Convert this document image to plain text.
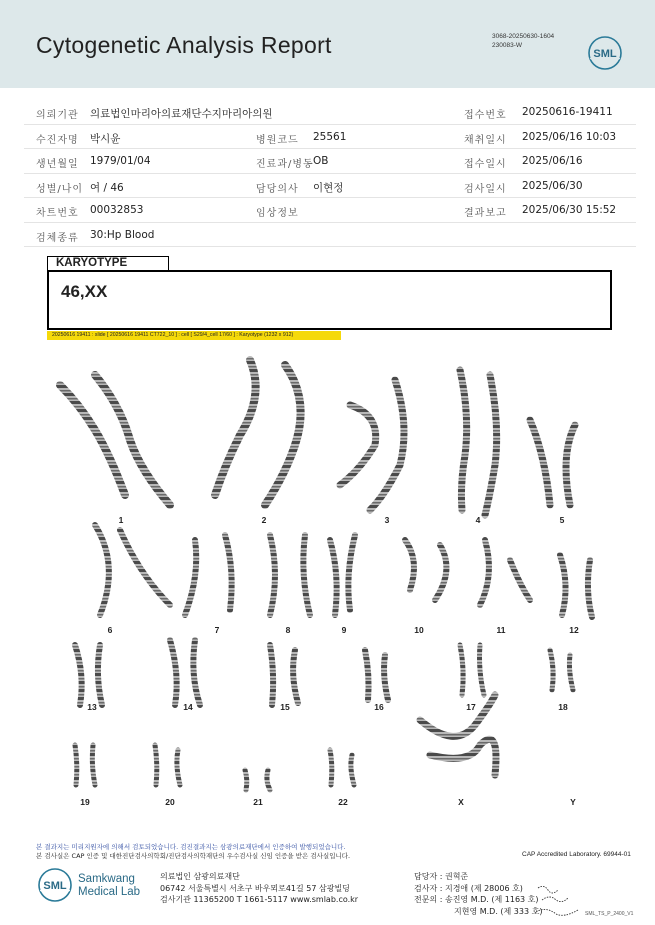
Cytogenetic Analysis Report	3068-20250630-1604
230083-W
SML
의뢰기관 의료법인마리아의료재단수지마리아의원	접수번호 20250616-19411
수진자명 박시윤	병원코드 25561	채취일시 2025/06/16 10:03
생년월일 1979/01/04	진료과/병동 OB	접수일시 2025/06/16
성별/나이 여 / 46	담당의사 이현정	검사일시 2025/06/30
차트번호 00032853	임상정보	결과보고 2025/06/30 15:52
검체종류 30:Hp Blood
KARYOTYPE
46,XX
20250616 19411 : slide [ 20250616 19411 CT722_10 ] : cell [ S29/4_cell 17/60 ] : Karyotype (1232 x 912)
1	2	3	4	5
6	7	8	9	10	11	12
13	14	15	16	17	18
19	20	21	22	X	Y
본 결과지는 미리지원자에 의해서 검토되었습니다. 검진결과지는 삼광의료재단에서 인증하여 발행되었습니다.
본 검사실은 CAP 인증 및 대한진단검사의학회/진단검사의학재단의 우수검사실 신임 인증을 받은 검사실입니다.	CAP Accredited Laboratory. 69944-01
SML
Samkwang
Medical Lab
의료법인 삼광의료재단
06742 서울특별시 서초구 바우뫼로41길 57 삼광빌딩
검사기관 11365200 T 1661-5117 www.smlab.co.kr
담당자 : 권혁준
검사자 : 지경애 (제 28006 호)
전문의 : 송진영 M.D. (제 1163 호)
지현영 M.D. (제 333 호)	SML_TS_P_2400_V1
